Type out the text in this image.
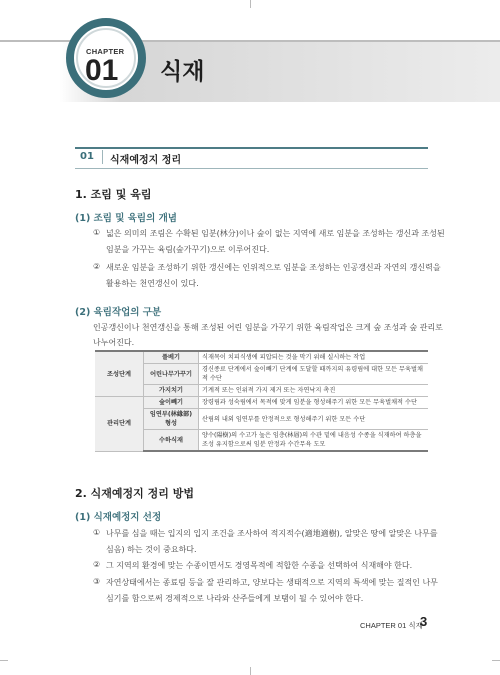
CHAPTER
01 식재
01 식재예정지 정리
1. 조림 및 육림
(1) 조림 및 육림의 개념
① 넓은 의미의 조림은 수확된 임분(林分)이나 숲이 없는 지역에 새로 임분을 조성하는 갱신과 조성된
임분을 가꾸는 육림(숲가꾸기)으로 이루어진다.
② 새로운 임분을 조성하기 위한 갱신에는 인위적으로 임분을 조성하는 인공갱신과 자연의 갱신력을
활용하는 천연갱신이 있다.
(2) 육림작업의 구분
인공갱신이나 천연갱신을 통해 조성된 어린 임분을 가꾸기 위한 육림작업은 크게 숲 조성과 숲 관리로
나누어진다.
조성단계	풀베기	식재목이 치피식생에 피압되는 것을 막기 위해 실시하는 작업
	어린나무가꾸기	경신종료 단계에서 숲이빼기 단계에 도달할 때까지의 유령림에 대한 모든 무육벌채
적 수단
	가지치기	기계적 또는 인위적 가지 제거 또는 자연낙지 촉진
관리단계	숲이빼기	장령림과 성숙림에서 목적에 맞게 임분을 형성해주기 위한 모든 무육벌채적 수단
	임연부(林緣部) 형성	산림의 내외 임연부를 안정적으로 형성해주기 위한 모든 수단
	수하식재	양수(陽樹)의 수고가 높은 임층(林層)의 수관 밑에 내음성 수종을 식재하여 하층을
조성 유지함으로써 임분 안정과 수간무육 도모
2. 식재예정지 정리 방법
(1) 식재예정지 선정
① 나무를 심을 때는 입지의 입지 조건을 조사하여 적지적수(適地適樹), 알맞은 땅에 알맞은 나무를
심음) 하는 것이 중요하다.
② 그 지역의 환경에 맞는 수종이면서도 경영목적에 적합한 수종을 선택하여 식재해야 한다.
③ 자연상태에서는 종료림 등을 잘 관리하고, 양보다는 생태적으로 지역의 특색에 맞는 질적인 나무
심기를 함으로써 경제적으로 나라와 산주들에게 보탬이 될 수 있어야 한다.
CHAPTER 01 식재
3
